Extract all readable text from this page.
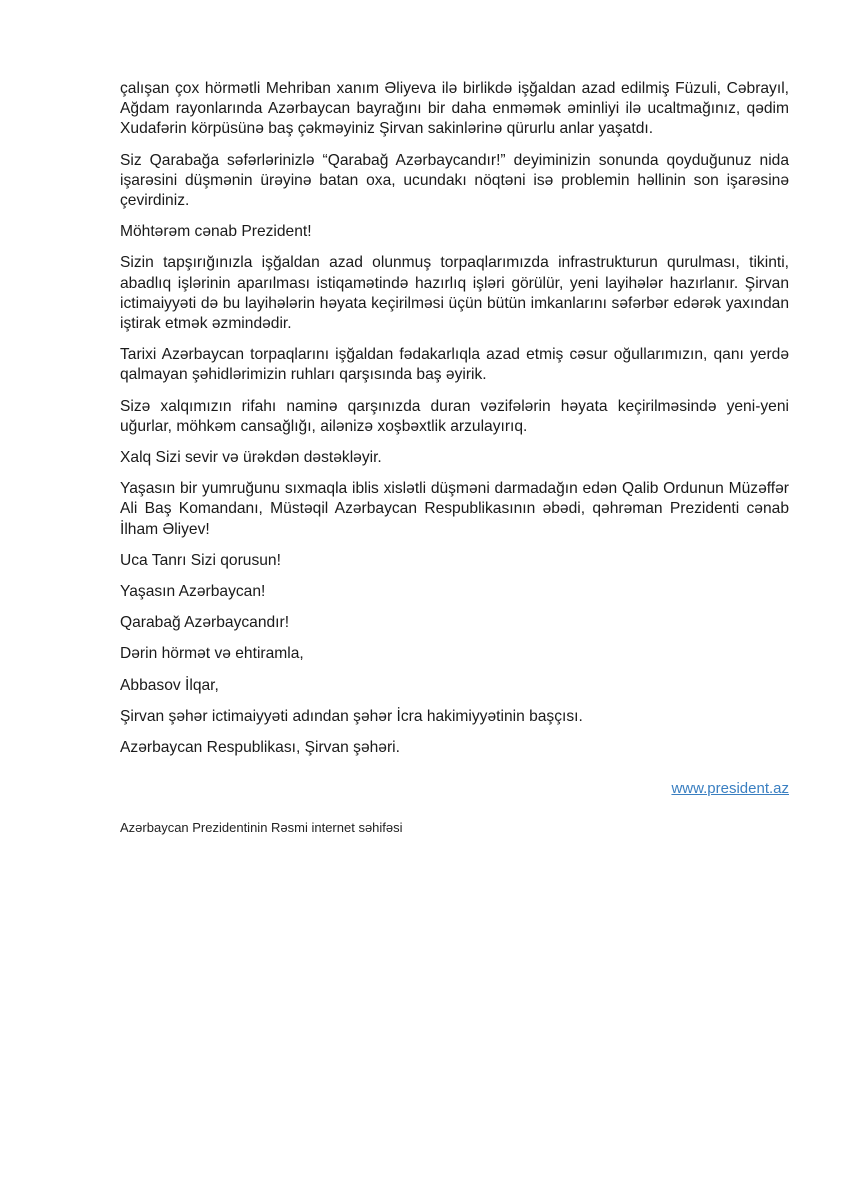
çalışan çox hörmətli Mehriban xanım Əliyeva ilə birlikdə işğaldan azad edilmiş Füzuli, Cəbrayıl, Ağdam rayonlarında Azərbaycan bayrağını bir daha enməmək əminliyi ilə ucaltmağınız, qədim Xudafərin körpüsünə baş çəkməyiniz Şirvan sakinlərinə qürurlu anlar yaşatdı.

Siz Qarabağa səfərlərinizlə “Qarabağ Azərbaycandır!” deyiminizin sonunda qoyduğunuz nida işarəsini düşmənin ürəyinə batan oxa, ucundakı nöqtəni isə problemin həllinin son işarəsinə çevirdiniz.

Möhtərəm cənab Prezident!

Sizin tapşırığınızla işğaldan azad olunmuş torpaqlarımızda infrastrukturun qurulması, tikinti, abadlıq işlərinin aparılması istiqamətində hazırlıq işləri görülür, yeni layihələr hazırlanır. Şirvan ictimaiyyəti də bu layihələrin həyata keçirilməsi üçün bütün imkanlarını səfərbər edərək yaxından iştirak etmək əzmindədir.

Tarixi Azərbaycan torpaqlarını işğaldan fədakarlıqla azad etmiş cəsur oğullarımızın, qanı yerdə qalmayan şəhidlərimizin ruhları qarşısında baş əyirik.

Sizə xalqımızın rifahı naminə qarşınızda duran vəzifələrin həyata keçirilməsində yeni-yeni uğurlar, möhkəm cansağlığı, ailənizə xoşbəxtlik arzulayırıq.

Xalq Sizi sevir və ürəkdən dəstəkləyir.

Yaşasın bir yumruğunu sıxmaqla iblis xislətli düşməni darmadağın edən Qalib Ordunun Müzəffər Ali Baş Komandanı, Müstəqil Azərbaycan Respublikasının əbədi, qəhrəman Prezidenti cənab İlham Əliyev!

Uca Tanrı Sizi qorusun!

Yaşasın Azərbaycan!

Qarabağ Azərbaycandır!

Dərin hörmət və ehtiramla,

Abbasov İlqar,

Şirvan şəhər ictimaiyyəti adından şəhər İcra hakimiyyətinin başçısı.

Azərbaycan Respublikası, Şirvan şəhəri.

www.president.az
Azərbaycan Prezidentinin Rəsmi internet səhifəsi
